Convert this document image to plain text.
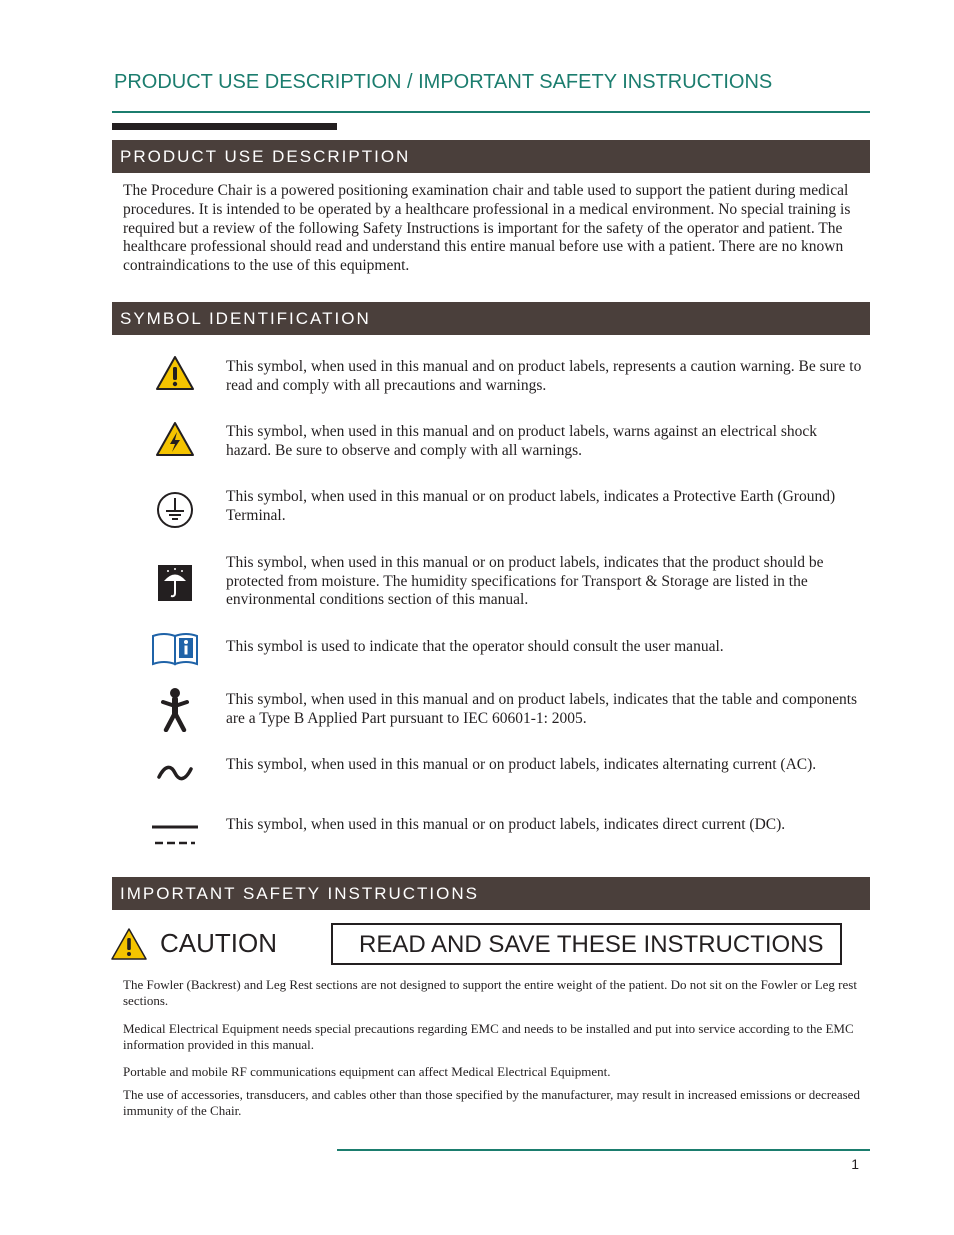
PRODUCT USE DESCRIPTION / IMPORTANT SAFETY INSTRUCTIONS
PRODUCT USE DESCRIPTION

The Procedure Chair is a powered positioning examination chair and table used to support the patient during medical procedures. It is intended to be operated by a healthcare professional in a medical environment. No special training is required but a review of the following Safety Instructions is important for the safety of the operator and patient. The healthcare professional should read and understand this entire manual before use with a patient. There are no known contraindications to the use of this equipment.

SYMBOL IDENTIFICATION

This symbol, when used in this manual and on product labels, represents a caution warning. Be sure to read and comply with all precautions and warnings.

This symbol, when used in this manual and on product labels, warns against an electrical shock hazard. Be sure to observe and comply with all warnings.

This symbol, when used in this manual or on product labels, indicates a Protective Earth (Ground) Terminal.

This symbol, when used in this manual or on product labels, indicates that the product should be protected from moisture. The humidity specifications for Transport & Storage are listed in the environmental conditions section of this manual.

This symbol is used to indicate that the operator should consult the user manual.

This symbol, when used in this manual and on product labels, indicates that the table and components are a Type B Applied Part pursuant to IEC 60601-1: 2005.

This symbol, when used in this manual or on product labels, indicates alternating current (AC).

This symbol, when used in this manual or on product labels, indicates direct current (DC).

IMPORTANT SAFETY INSTRUCTIONS
CAUTION	READ AND SAVE THESE INSTRUCTIONS

The Fowler (Backrest) and Leg Rest sections are not designed to support the entire weight of the patient. Do not sit on the Fowler or Leg rest sections.

Medical Electrical Equipment needs special precautions regarding EMC and needs to be installed and put into service according to the EMC information provided in this manual.

Portable and mobile RF communications equipment can affect Medical Electrical Equipment.

The use of accessories, transducers, and cables other than those specified by the manufacturer, may result in increased emissions or decreased immunity of the Chair.

1
